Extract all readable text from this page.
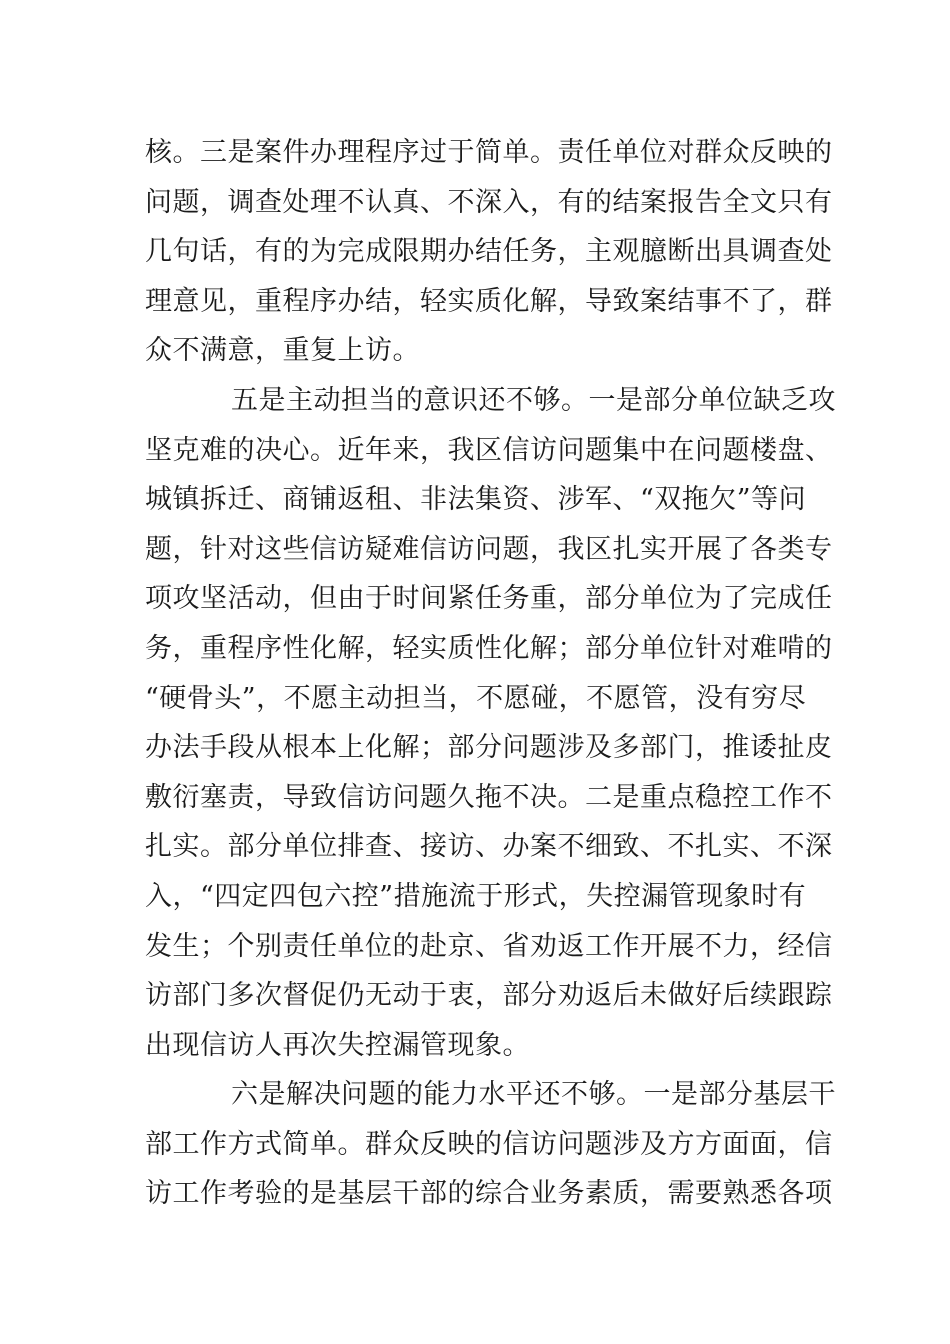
核。三是案件办理程序过于简单。责任单位对群众反映的
问题，调查处理不认真、不深入，有的结案报告全文只有
几句话，有的为完成限期办结任务，主观臆断出具调查处
理意见，重程序办结，轻实质化解，导致案结事不了，群
众不满意，重复上访。
五是主动担当的意识还不够。一是部分单位缺乏攻
坚克难的决心。近年来，我区信访问题集中在问题楼盘、
城镇拆迁、商铺返租、非法集资、涉军、“双拖欠”等问
题，针对这些信访疑难信访问题，我区扎实开展了各类专
项攻坚活动，但由于时间紧任务重，部分单位为了完成任
务，重程序性化解，轻实质性化解；部分单位针对难啃的
“硬骨头”，不愿主动担当，不愿碰，不愿管，没有穷尽
办法手段从根本上化解；部分问题涉及多部门，推诿扯皮
敷衍塞责，导致信访问题久拖不决。二是重点稳控工作不
扎实。部分单位排查、接访、办案不细致、不扎实、不深
入，“四定四包六控”措施流于形式，失控漏管现象时有
发生；个别责任单位的赴京、省劝返工作开展不力，经信
访部门多次督促仍无动于衷，部分劝返后未做好后续跟踪
出现信访人再次失控漏管现象。
六是解决问题的能力水平还不够。一是部分基层干
部工作方式简单。群众反映的信访问题涉及方方面面，信
访工作考验的是基层干部的综合业务素质，需要熟悉各项
